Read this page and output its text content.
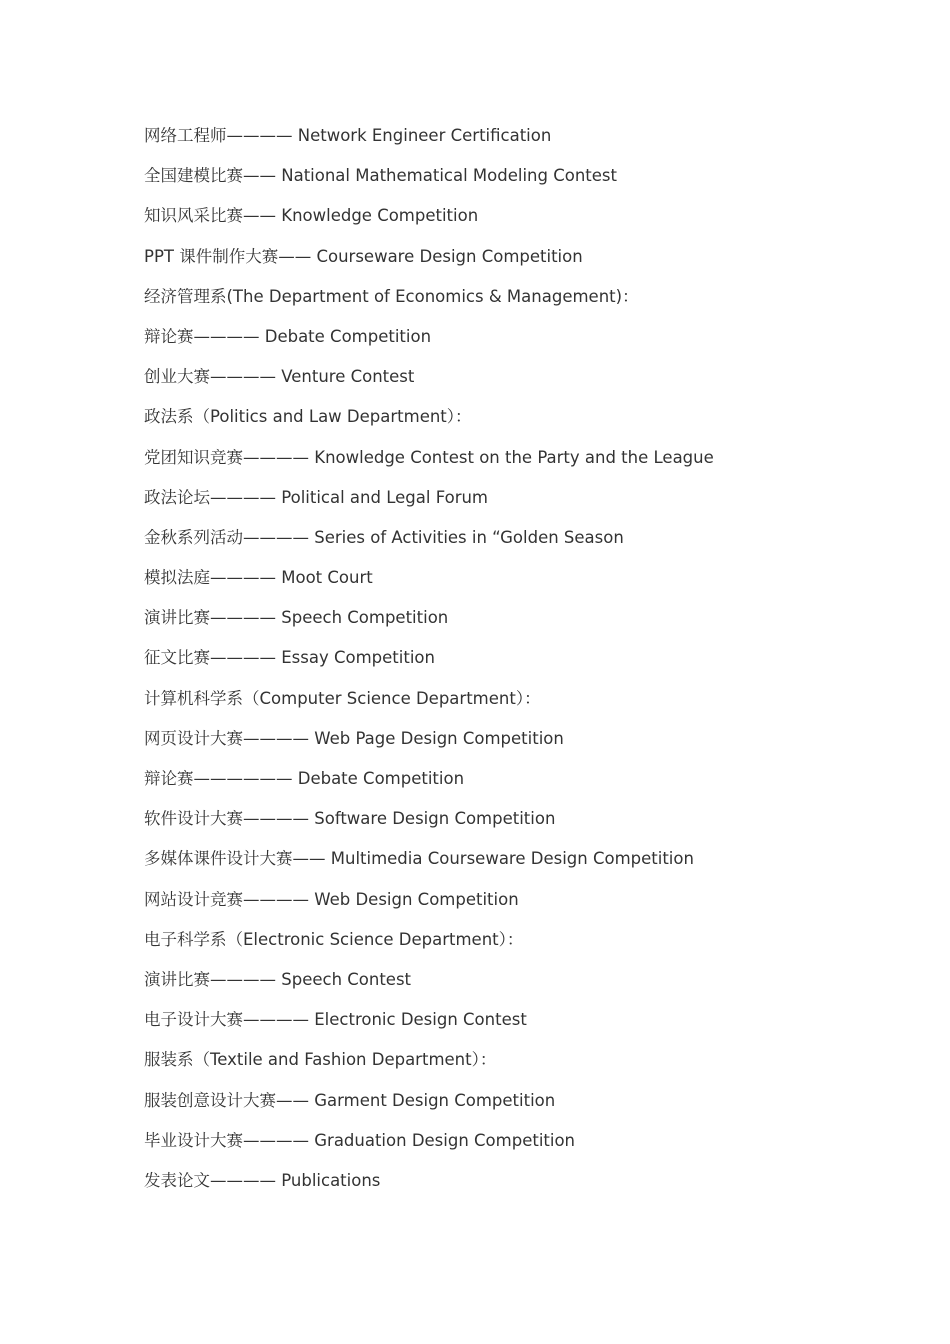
网络工程师———— Network Engineer Certification
全国建模比赛—— National Mathematical Modeling Contest
知识风采比赛—— Knowledge Competition
PPT 课件制作大赛—— Courseware Design Competition
经济管理系(The Department of Economics & Management)：
辩论赛———— Debate Competition
创业大赛———— Venture Contest
政法系（Politics and Law Department）：
党团知识竞赛———— Knowledge Contest on the Party and the League
政法论坛———— Political and Legal Forum
金秋系列活动———— Series of Activities in “Golden Season
模拟法庭———— Moot Court
演讲比赛———— Speech Competition
征文比赛———— Essay Competition
计算机科学系（Computer Science Department）：
网页设计大赛———— Web Page Design Competition
辩论赛—————— Debate Competition
软件设计大赛———— Software Design Competition
多媒体课件设计大赛—— Multimedia Courseware Design Competition
网站设计竞赛———— Web Design Competition
电子科学系（Electronic Science Department）：
演讲比赛———— Speech Contest
电子设计大赛———— Electronic Design Contest
服装系（Textile and Fashion Department）：
服装创意设计大赛—— Garment Design Competition
毕业设计大赛———— Graduation Design Competition
发表论文———— Publications
